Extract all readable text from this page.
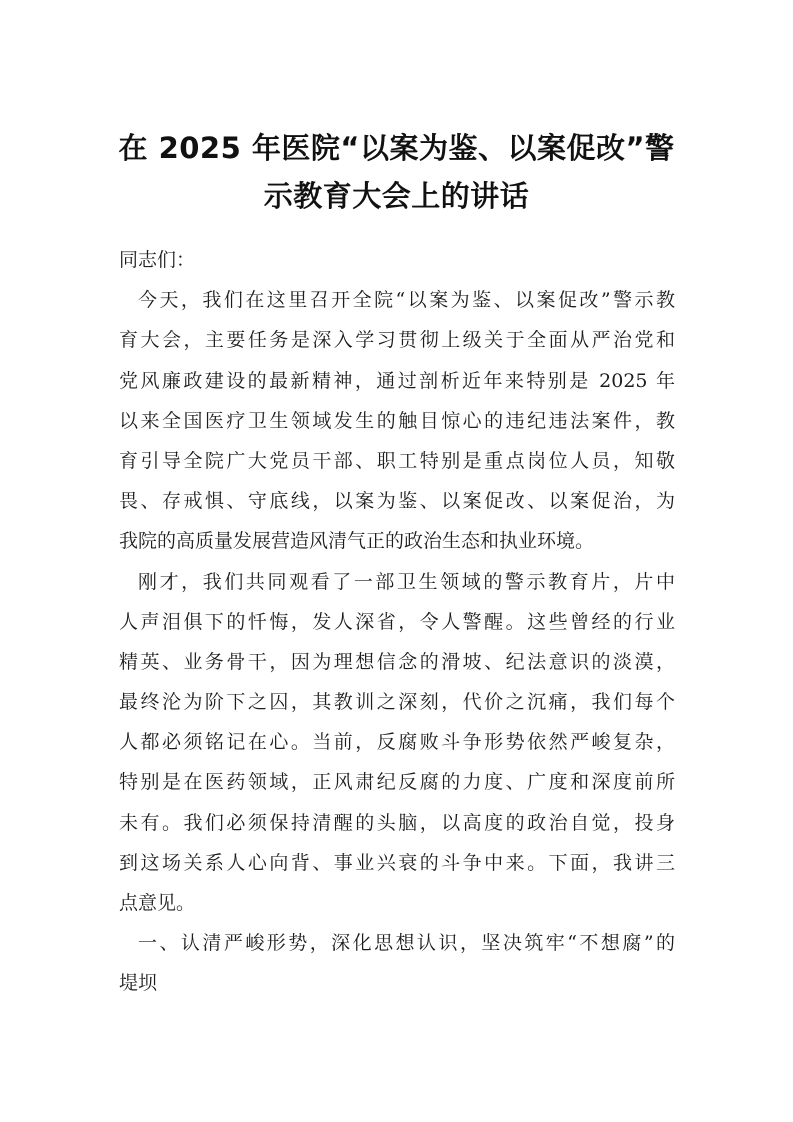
在 2025 年医院“以案为鉴、以案促改”警
示教育大会上的讲话
同志们：
今天，我们在这里召开全院“以案为鉴、以案促改”警示教
育大会，主要任务是深入学习贯彻上级关于全面从严治党和
党风廉政建设的最新精神，通过剖析近年来特别是 2025 年
以来全国医疗卫生领域发生的触目惊心的违纪违法案件，教
育引导全院广大党员干部、职工特别是重点岗位人员，知敬
畏、存戒惧、守底线，以案为鉴、以案促改、以案促治，为
我院的高质量发展营造风清气正的政治生态和执业环境。
刚才，我们共同观看了一部卫生领域的警示教育片，片中
人声泪俱下的忏悔，发人深省，令人警醒。这些曾经的行业
精英、业务骨干，因为理想信念的滑坡、纪法意识的淡漠，
最终沦为阶下之囚，其教训之深刻，代价之沉痛，我们每个
人都必须铭记在心。当前，反腐败斗争形势依然严峻复杂，
特别是在医药领域，正风肃纪反腐的力度、广度和深度前所
未有。我们必须保持清醒的头脑，以高度的政治自觉，投身
到这场关系人心向背、事业兴衰的斗争中来。下面，我讲三
点意见。
一、认清严峻形势，深化思想认识，坚决筑牢“不想腐”的
堤坝
